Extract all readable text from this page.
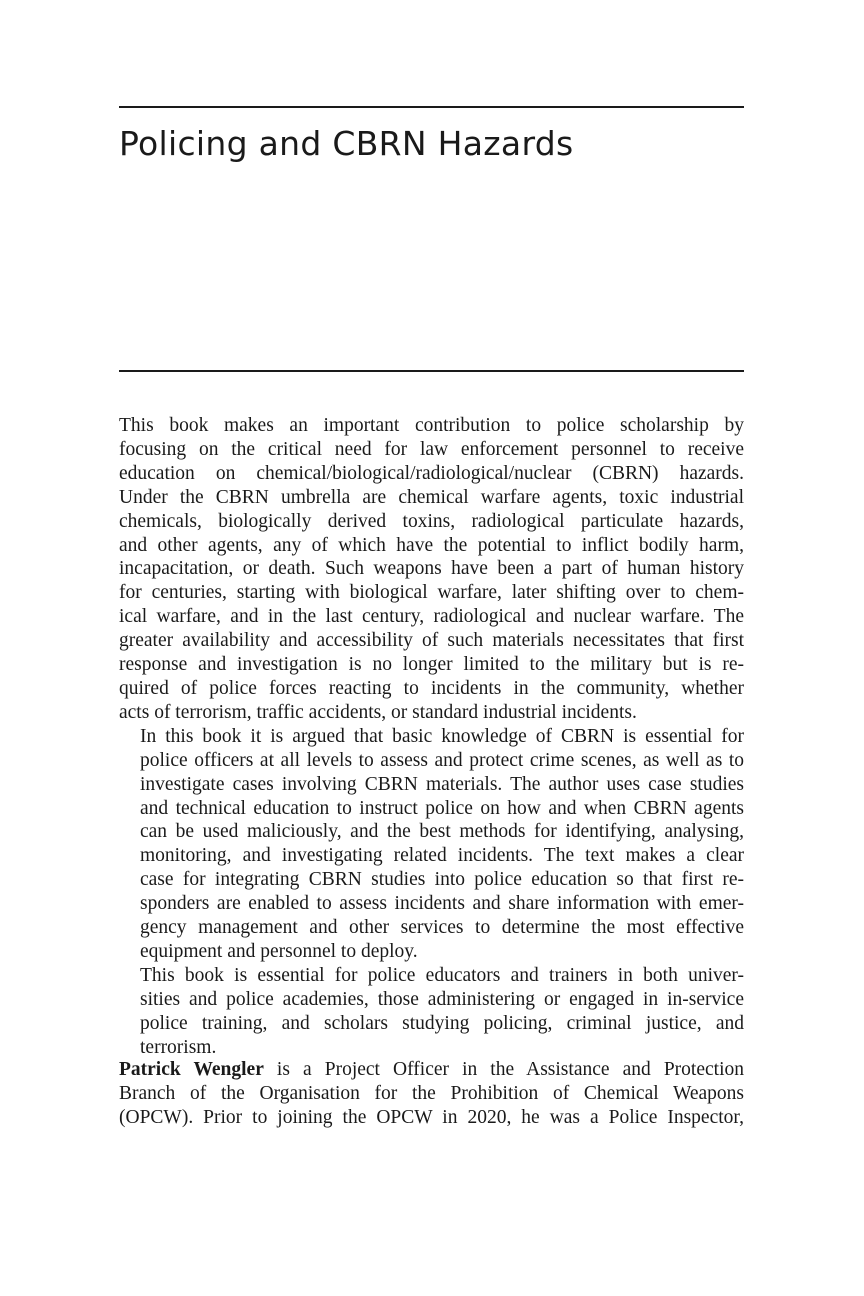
Policing and CBRN Hazards

This book makes an important contribution to police scholarship by
focusing on the critical need for law enforcement personnel to receive
education on chemical/biological/radiological/nuclear (CBRN) hazards.
Under the CBRN umbrella are chemical warfare agents, toxic industrial
chemicals, biologically derived toxins, radiological particulate hazards,
and other agents, any of which have the potential to inflict bodily harm,
incapacitation, or death. Such weapons have been a part of human history
for centuries, starting with biological warfare, later shifting over to chem-
ical warfare, and in the last century, radiological and nuclear warfare. The
greater availability and accessibility of such materials necessitates that first
response and investigation is no longer limited to the military but is re-
quired of police forces reacting to incidents in the community, whether
acts of terrorism, traffic accidents, or standard industrial incidents.

In this book it is argued that basic knowledge of CBRN is essential for
police officers at all levels to assess and protect crime scenes, as well as to
investigate cases involving CBRN materials. The author uses case studies
and technical education to instruct police on how and when CBRN agents
can be used maliciously, and the best methods for identifying, analysing,
monitoring, and investigating related incidents. The text makes a clear
case for integrating CBRN studies into police education so that first re-
sponders are enabled to assess incidents and share information with emer-
gency management and other services to determine the most effective
equipment and personnel to deploy.

This book is essential for police educators and trainers in both univer-
sities and police academies, those administering or engaged in in-service
police training, and scholars studying policing, criminal justice, and
terrorism.

Patrick Wengler is a Project Officer in the Assistance and Protection
Branch of the Organisation for the Prohibition of Chemical Weapons
(OPCW). Prior to joining the OPCW in 2020, he was a Police Inspector,
